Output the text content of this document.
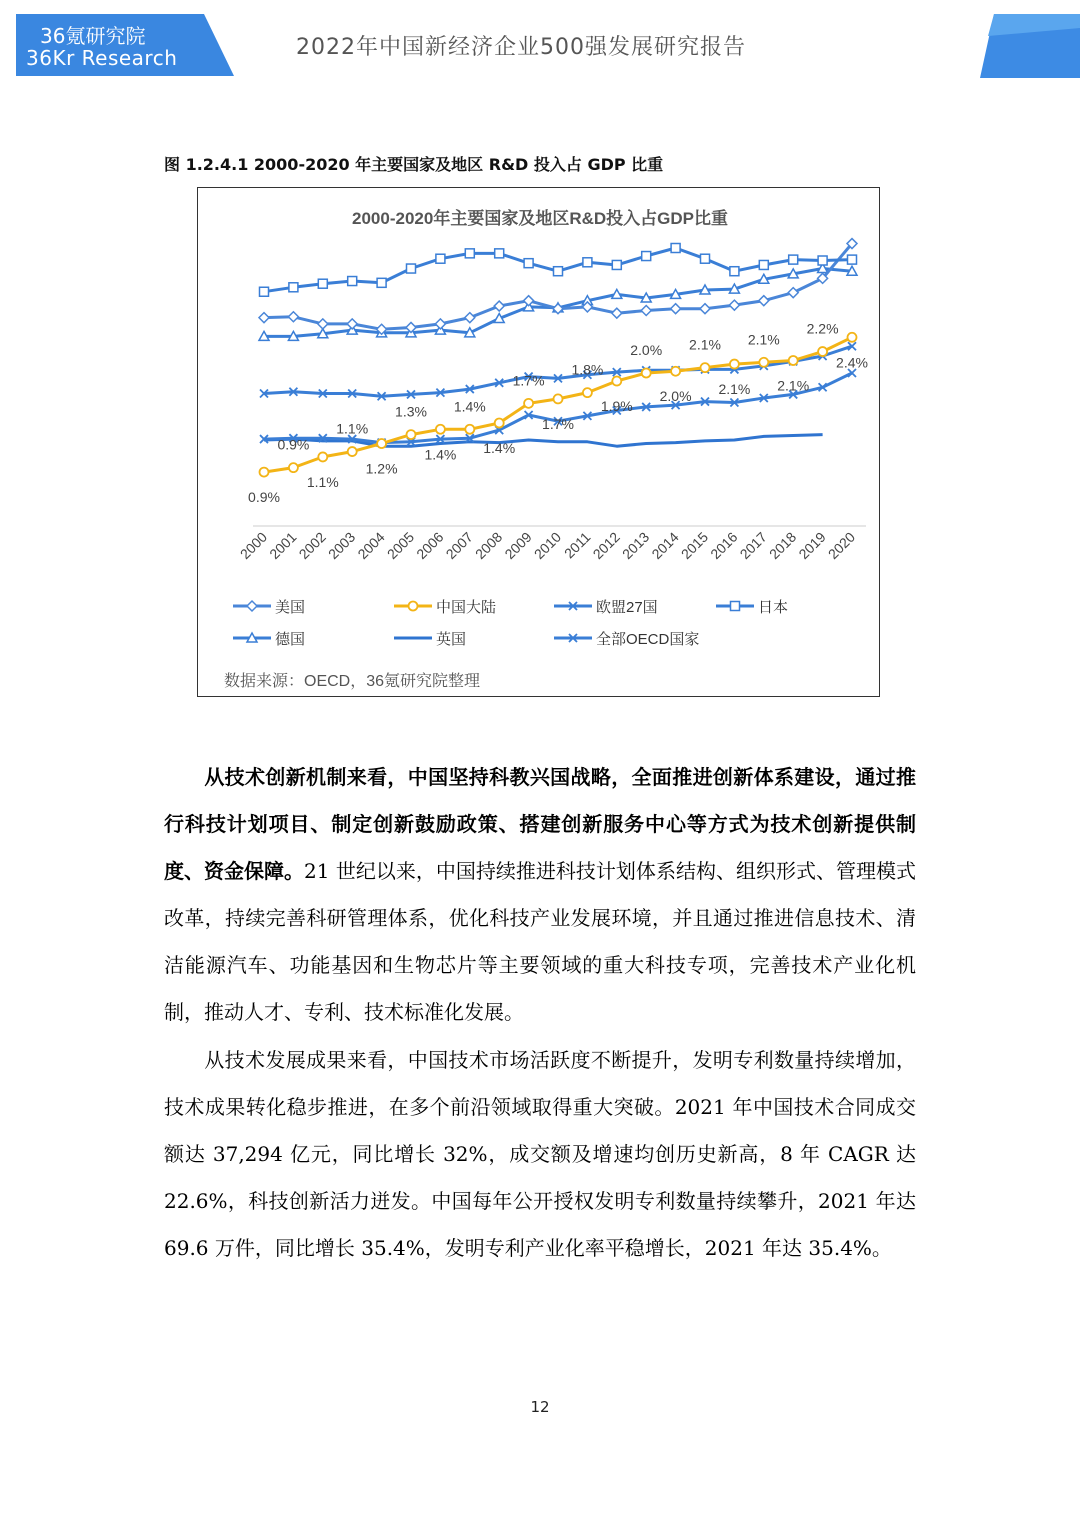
36氪研究院
36Kr Research	2022年中国新经济企业500强发展研究报告
图 1.2.4.1 2000-2020 年主要国家及地区 R&D 投入占 GDP 比重
2000-2020年主要国家及地区R&D投入占GDP比重
0.9%
0.9%
1.1%
1.1%
1.2%
1.3%
1.4%
1.4%
1.4%
1.7%
1.7%
1.8%
1.9%
2.0%
2.0%
2.1%
2.1%
2.1%
2.1%
2.2%
2.4%
2000
2001
2002
2003
2004
2005
2006
2007
2008
2009
2010
2011
2012
2013
2014
2015
2016
2017
2018
2019
2020
美国	中国大陆	欧盟27国	日本
德国	英国	全部OECD国家
数据来源：OECD，36氪研究院整理

从技术创新机制来看，中国坚持科教兴国战略，全面推进创新体系建设，通过推行科技计划项目、制定创新鼓励政策、搭建创新服务中心等方式为技术创新提供制度、资金保障。21 世纪以来，中国持续推进科技计划体系结构、组织形式、管理模式改革，持续完善科研管理体系，优化科技产业发展环境，并且通过推进信息技术、清洁能源汽车、功能基因和生物芯片等主要领域的重大科技专项，完善技术产业化机制，推动人才、专利、技术标准化发展。

从技术发展成果来看，中国技术市场活跃度不断提升，发明专利数量持续增加，技术成果转化稳步推进，在多个前沿领域取得重大突破。2021 年中国技术合同成交额达 37,294 亿元，同比增长 32%，成交额及增速均创历史新高，8 年 CAGR 达 22.6%，科技创新活力迸发。中国每年公开授权发明专利数量持续攀升，2021 年达 69.6 万件，同比增长 35.4%，发明专利产业化率平稳增长，2021 年达 35.4%。

12
